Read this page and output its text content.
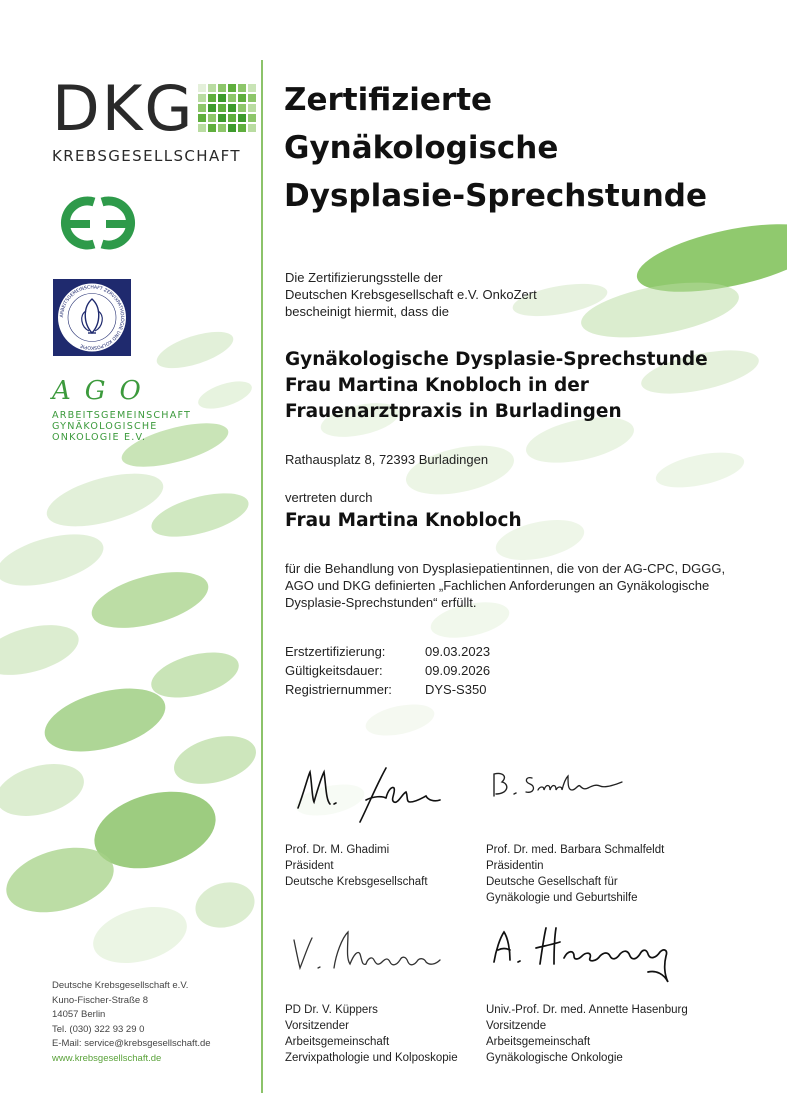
DKG
KREBSGESELLSCHAFT
ARBEITSGEMEINSCHAFT ZERVIXPATHOLOGIE UND KOLPOSKOPIE
AGO
ARBEITSGEMEINSCHAFT
GYNÄKOLOGISCHE
ONKOLOGIE E.V.
Zertifizierte
Gynäkologische
Dysplasie-Sprechstunde
Die Zertifizierungsstelle der
Deutschen Krebsgesellschaft e.V. OnkoZert
bescheinigt hiermit, dass die
Gynäkologische Dysplasie-Sprechstunde
Frau Martina Knobloch in der
Frauenarztpraxis in Burladingen
Rathausplatz 8, 72393 Burladingen
vertreten durch
Frau Martina Knobloch
für die Behandlung von Dysplasiepatientinnen, die von der AG-CPC, DGGG,
AGO und DKG definierten „Fachlichen Anforderungen an Gynäkologische
Dysplasie-Sprechstunden“ erfüllt.
Erstzertifizierung:	09.03.2023
Gültigkeitsdauer:	09.09.2026
Registriernummer:	DYS-S350
Prof. Dr. M. Ghadimi
Präsident
Deutsche Krebsgesellschaft
Prof. Dr. med. Barbara Schmalfeldt
Präsidentin
Deutsche Gesellschaft für
Gynäkologie und Geburtshilfe
PD Dr. V. Küppers
Vorsitzender
Arbeitsgemeinschaft
Zervixpathologie und Kolposkopie
Univ.-Prof. Dr. med. Annette Hasenburg
Vorsitzende
Arbeitsgemeinschaft
Gynäkologische Onkologie
Deutsche Krebsgesellschaft e.V.
Kuno-Fischer-Straße 8
14057 Berlin
Tel. (030) 322 93 29 0
E-Mail: service@krebsgesellschaft.de
www.krebsgesellschaft.de
